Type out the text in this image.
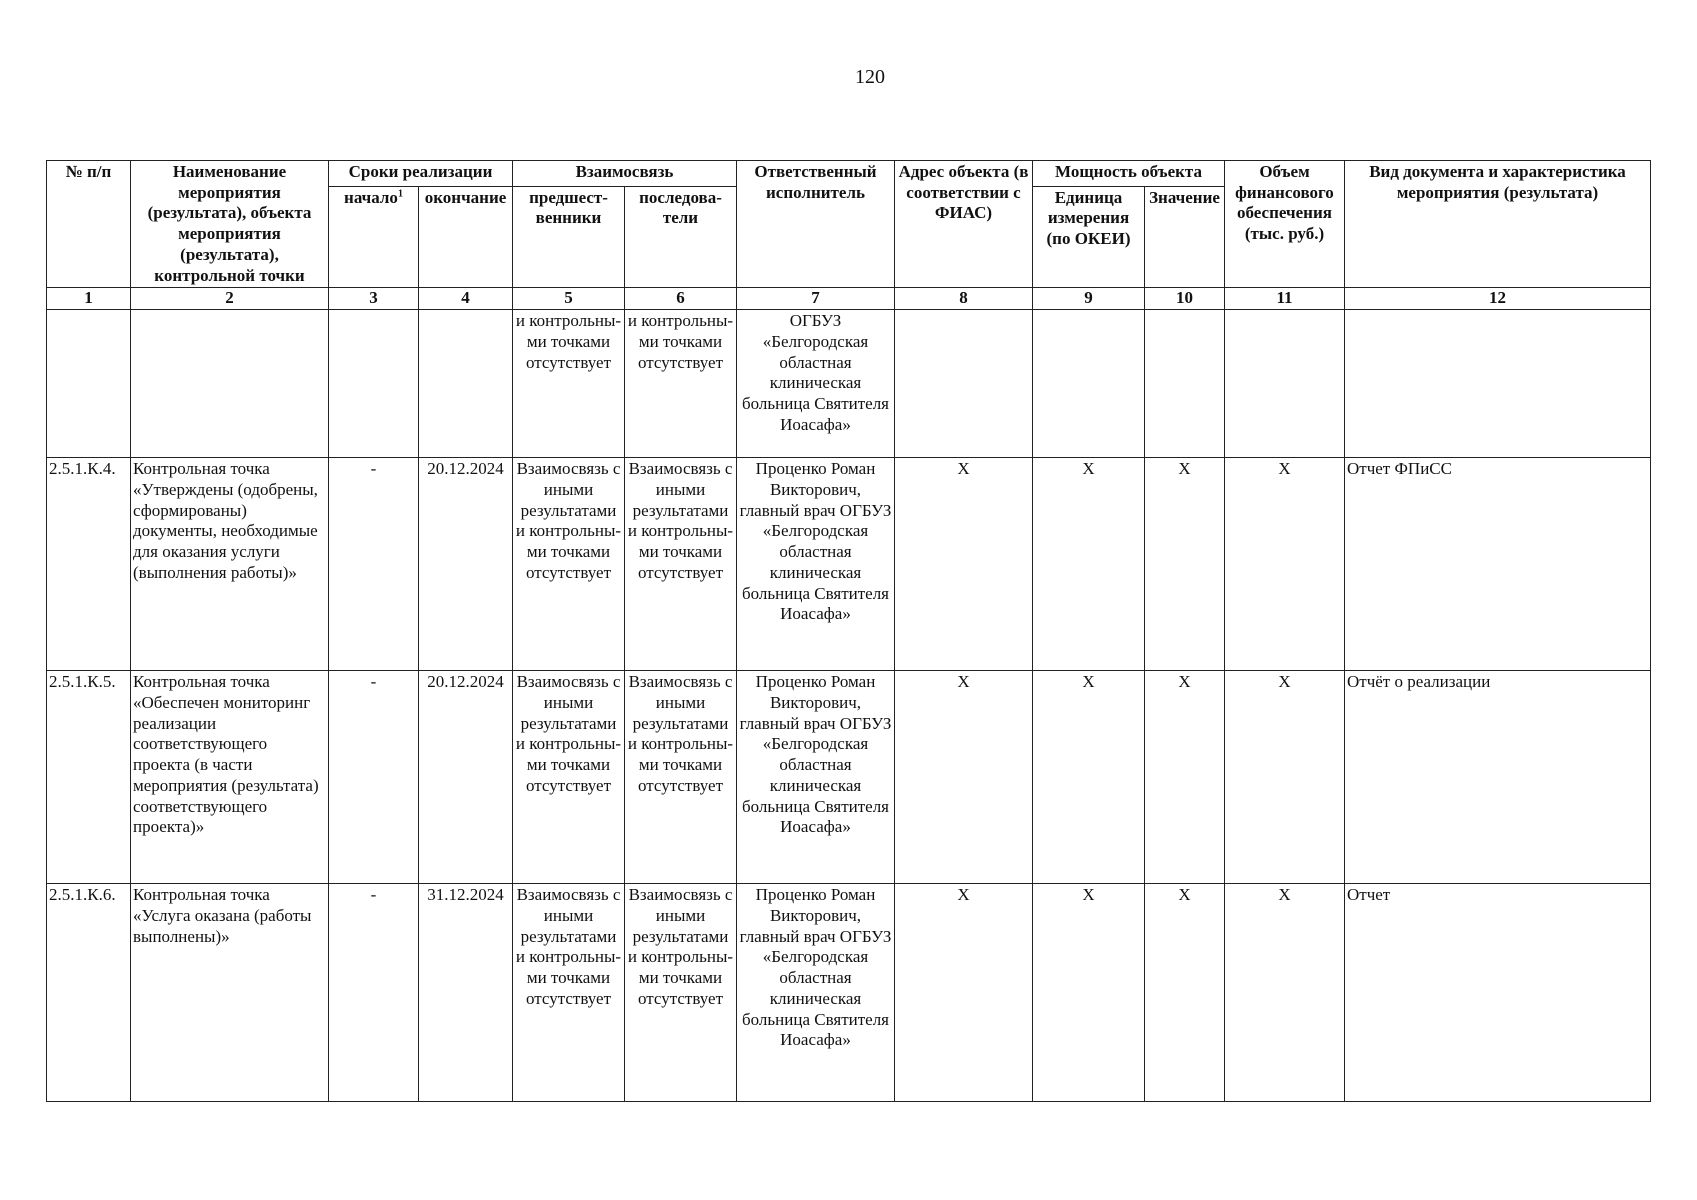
120
№ п/п	Наименование мероприятия (результата), объекта мероприятия (результата), контрольной точки	Сроки реализации		Взаимосвязь		Ответственный исполнитель	Адрес объекта (в соответствии с ФИАС)	Мощность объекта		Объем финансового обеспечения (тыс. руб.)	Вид документа и характеристика мероприятия (результата)
		начало$^1$	окончание	предшест-венники	последова-тели			Единица измерения (по ОКЕИ)	Значение		
1	2	3	4	5	6	7	8	9	10	11	12
				и контрольны-ми точками отсутствует	и контрольны-ми точками отсутствует	ОГБУЗ «Белгородская областная клиническая больница Святителя Иоасафа»					
2.5.1.К.4.	Контрольная точка «Утверждены (одобрены, сформированы) документы, необходимые для оказания услуги (выполнения работы)»	-	20.12.2024	Взаимосвязь с иными результатами и контрольны-ми точками отсутствует	Взаимосвязь с иными результатами и контрольны-ми точками отсутствует	Проценко Роман Викторович, главный врач ОГБУЗ «Белгородская областная клиническая больница Святителя Иоасафа»	X	X	X	X	Отчет ФПиСС
2.5.1.К.5.	Контрольная точка «Обеспечен мониторинг реализации соответствующего проекта (в части мероприятия (результата) соответствующего проекта)»	-	20.12.2024	Взаимосвязь с иными результатами и контрольны-ми точками отсутствует	Взаимосвязь с иными результатами и контрольны-ми точками отсутствует	Проценко Роман Викторович, главный врач ОГБУЗ «Белгородская областная клиническая больница Святителя Иоасафа»	X	X	X	X	Отчёт о реализации
2.5.1.К.6.	Контрольная точка «Услуга оказана (работы выполнены)»	-	31.12.2024	Взаимосвязь с иными результатами и контрольны-ми точками отсутствует	Взаимосвязь с иными результатами и контрольны-ми точками отсутствует	Проценко Роман Викторович, главный врач ОГБУЗ «Белгородская областная клиническая больница Святителя Иоасафа»	X	X	X	X	Отчет
